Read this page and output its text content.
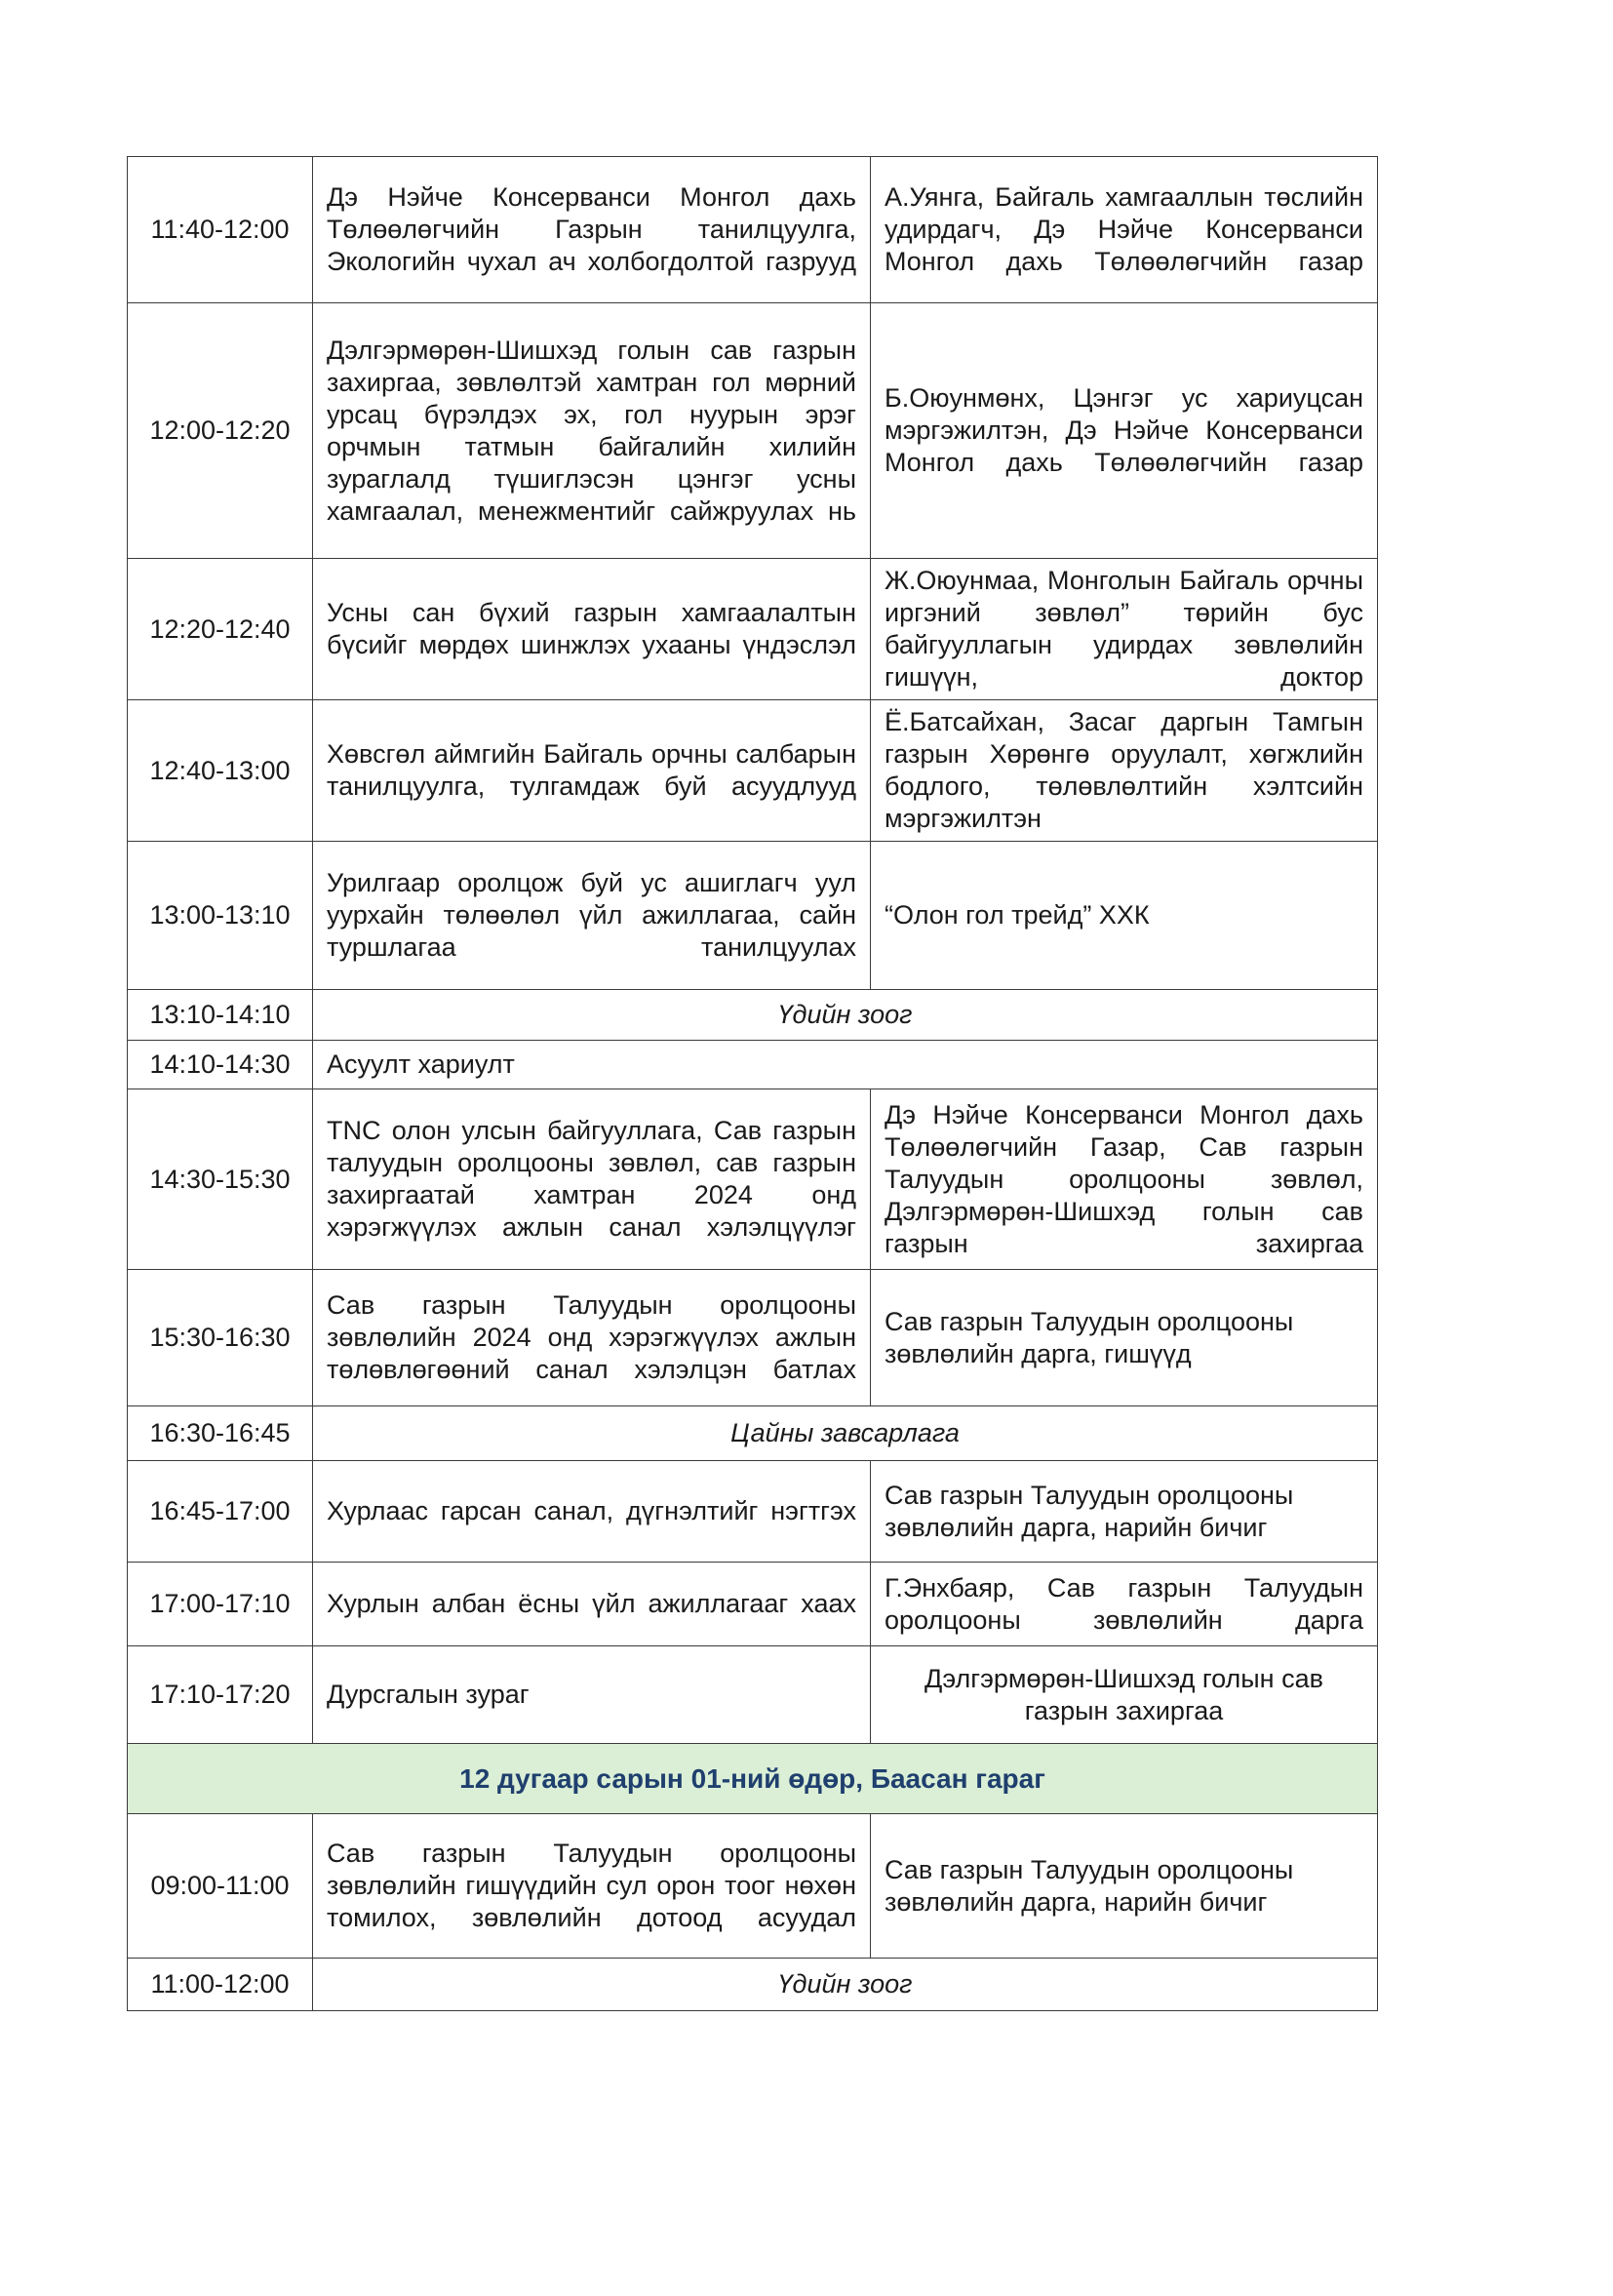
11:40-12:00	Дэ Нэйче Консерванси Монгол дахь Төлөөлөгчийн Газрын танилцуулга, Экологийн чухал ач холбогдолтой газрууд	А.Уянга, Байгаль хамгааллын төслийн удирдагч, Дэ Нэйче Консерванси Монгол дахь Төлөөлөгчийн газар
12:00-12:20	Дэлгэрмөрөн-Шишхэд голын сав газрын захиргаа, зөвлөлтэй хамтран гол мөрний урсац бүрэлдэх эх, гол нуурын эрэг орчмын татмын байгалийн хилийн зураглалд түшиглэсэн цэнгэг усны хамгаалал, менежментийг сайжруулах нь	Б.Оюунмөнх, Цэнгэг ус хариуцсан мэргэжилтэн, Дэ Нэйче Консерванси Монгол дахь Төлөөлөгчийн газар
12:20-12:40	Усны сан бүхий газрын хамгаалалтын бүсийг мөрдөх шинжлэх ухааны үндэслэл	Ж.Оюунмаа, Монголын Байгаль орчны иргэний зөвлөл” төрийн бус байгууллагын удирдах зөвлөлийн гишүүн, доктор
12:40-13:00	Хөвсгөл аймгийн Байгаль орчны салбарын танилцуулга, тулгамдаж буй асуудлууд	Ё.Батсайхан, Засаг даргын Тамгын газрын Хөрөнгө оруулалт, хөгжлийн бодлого, төлөвлөлтийн хэлтсийн мэргэжилтэн
13:00-13:10	Урилгаар оролцож буй ус ашиглагч уул уурхайн төлөөлөл үйл ажиллагаа, сайн туршлагаа танилцуулах	“Олон гол трейд” ХХК
13:10-14:10	Үдийн зоог	
14:10-14:30	Асуулт хариулт	
14:30-15:30	TNC олон улсын байгууллага, Сав газрын талуудын оролцооны зөвлөл, сав газрын захиргаатай хамтран 2024 онд хэрэгжүүлэх ажлын санал хэлэлцүүлэг	Дэ Нэйче Консерванси Монгол дахь Төлөөлөгчийн Газар, Сав газрын Талуудын оролцооны зөвлөл, Дэлгэрмөрөн-Шишхэд голын сав газрын захиргаа
15:30-16:30	Сав газрын Талуудын оролцооны зөвлөлийн 2024 онд хэрэгжүүлэх ажлын төлөвлөгөөний санал хэлэлцэн батлах	Сав газрын Талуудын оролцооны зөвлөлийн дарга, гишүүд
16:30-16:45	Цайны завсарлага	
16:45-17:00	Хурлаас гарсан санал, дүгнэлтийг нэгтгэх	Сав газрын Талуудын оролцооны зөвлөлийн дарга, нарийн бичиг
17:00-17:10	Хурлын албан ёсны үйл ажиллагааг хаах	Г.Энхбаяр, Сав газрын Талуудын оролцооны зөвлөлийн дарга
17:10-17:20	Дурсгалын зураг	Дэлгэрмөрөн-Шишхэд голын сав газрын захиргаа
12 дугаар сарын 01-ний өдөр, Баасан гараг		
09:00-11:00	Сав газрын Талуудын оролцооны зөвлөлийн гишүүдийн сул орон тоог нөхөн томилох, зөвлөлийн дотоод асуудал	Сав газрын Талуудын оролцооны зөвлөлийн дарга, нарийн бичиг
11:00-12:00	Үдийн зоог	
